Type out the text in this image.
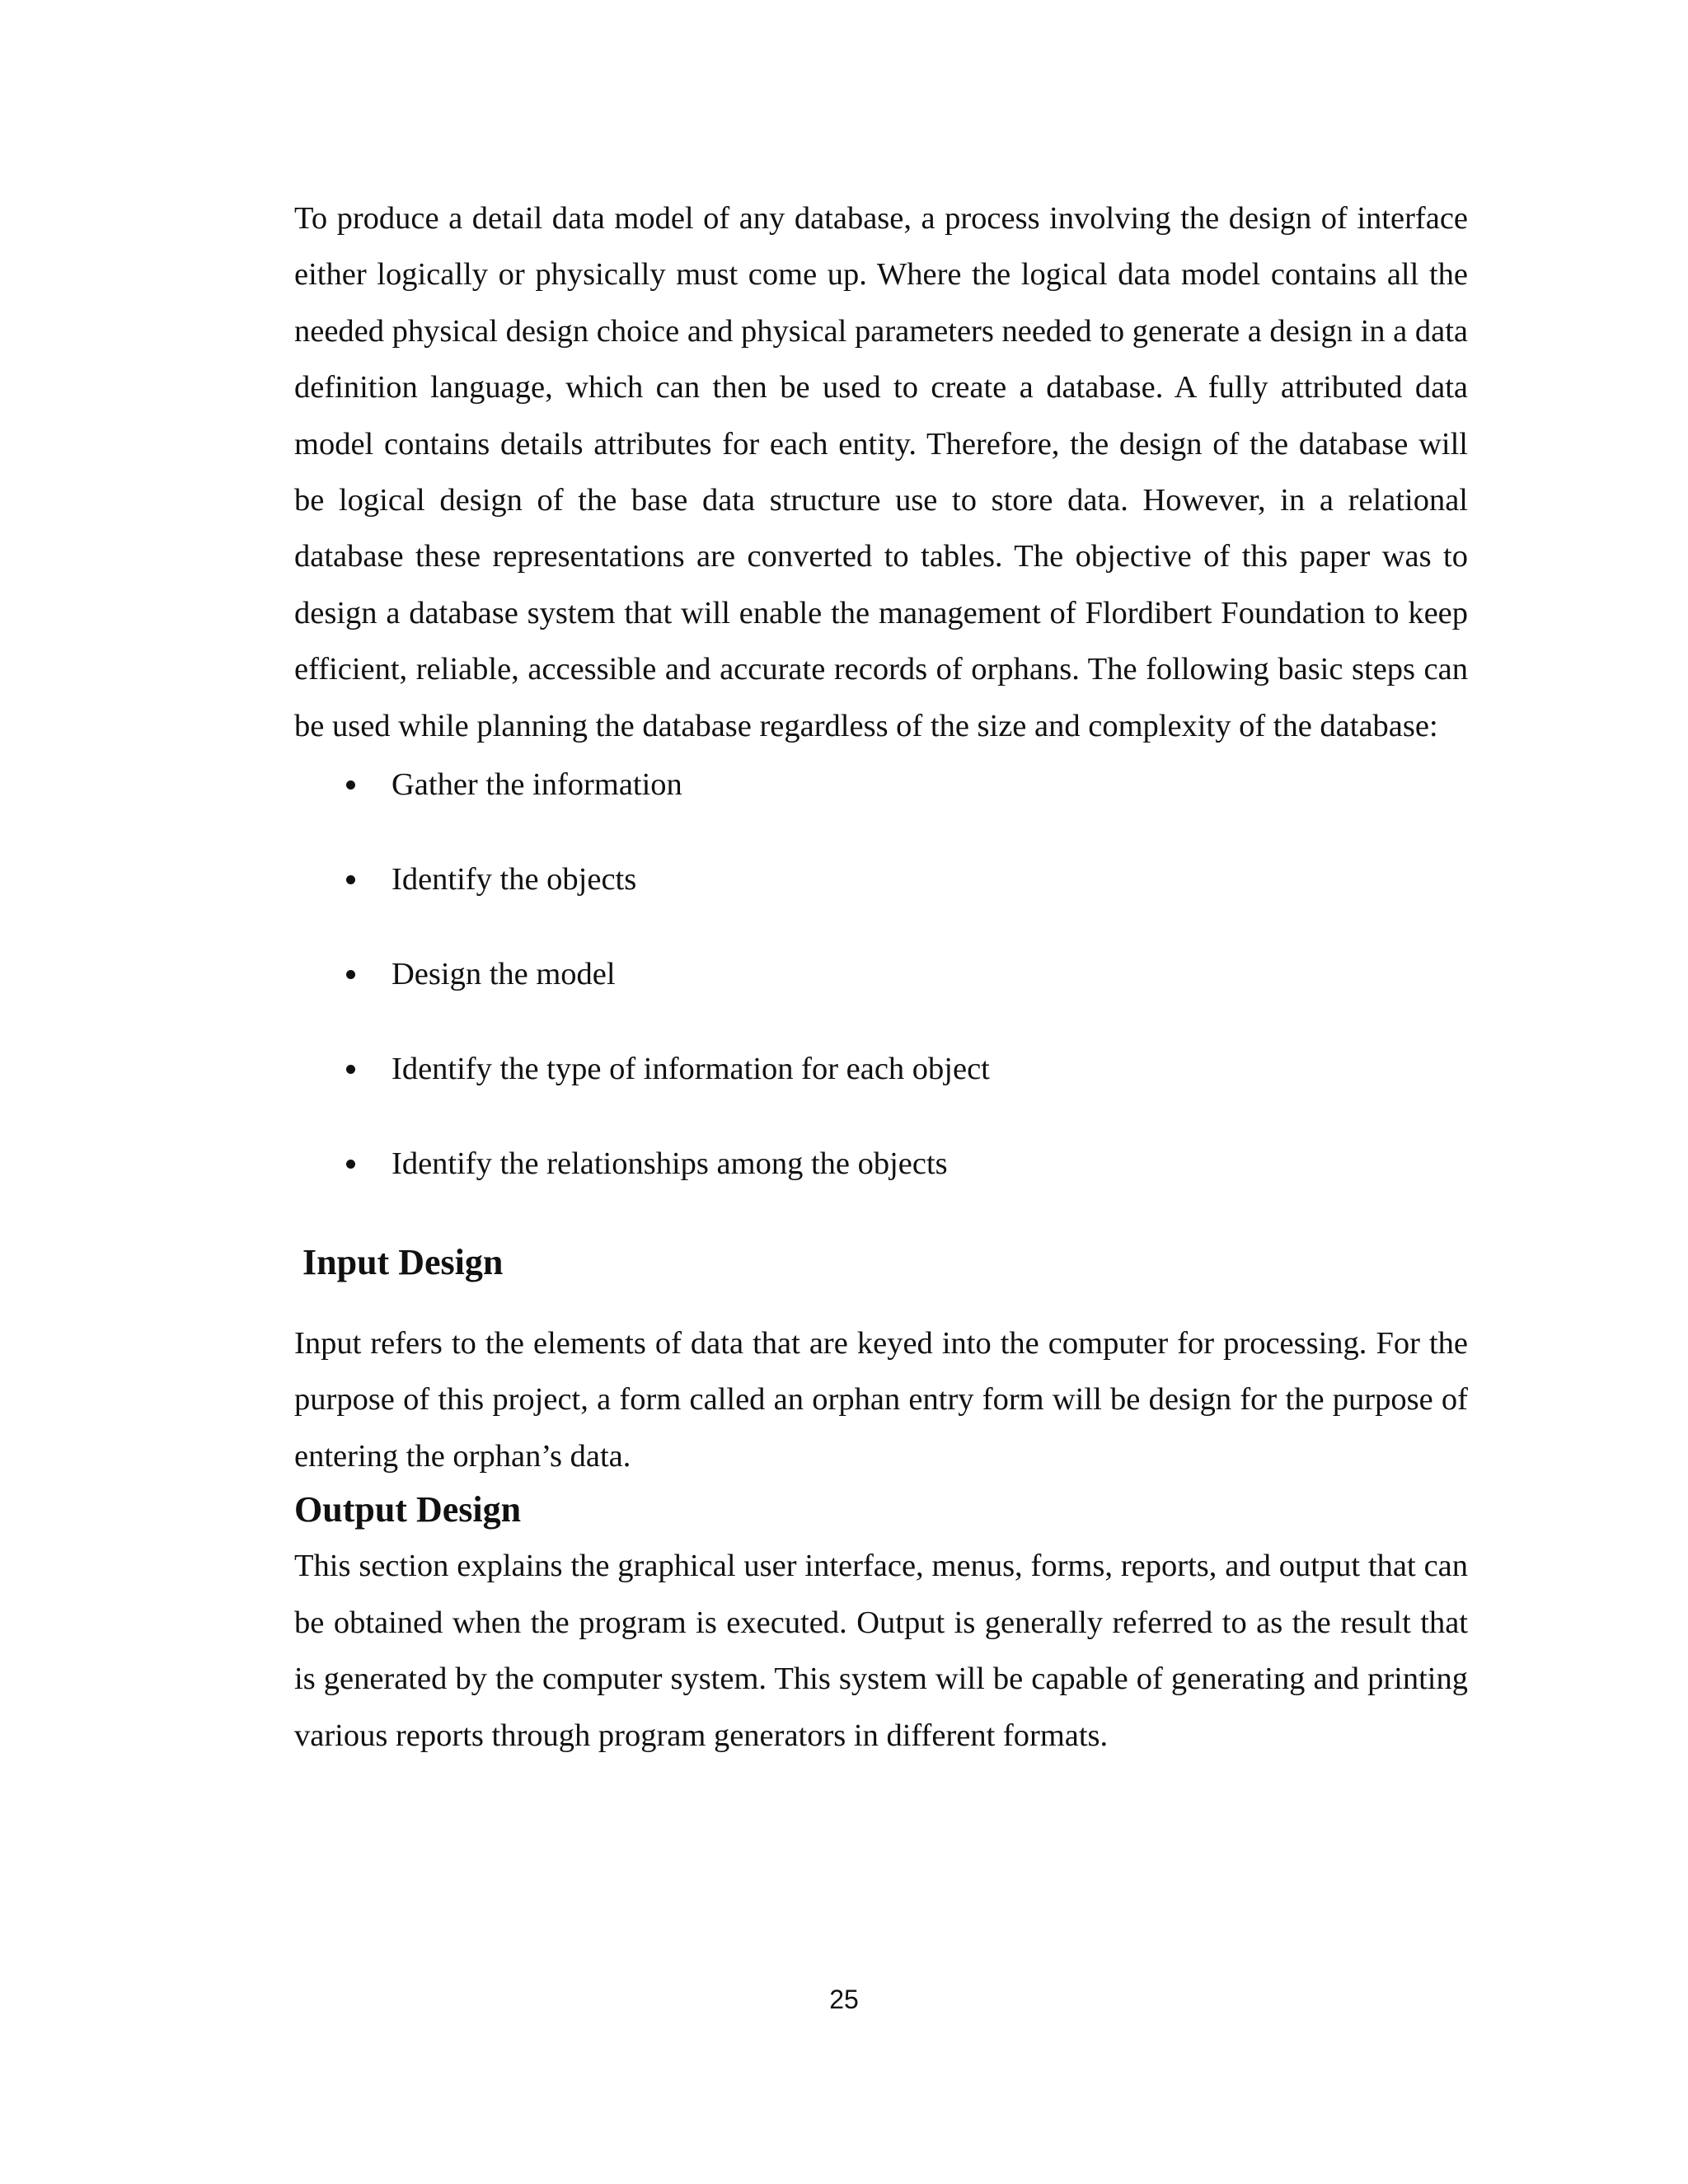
To produce a detail data model of any database, a process involving the design of interface either logically or physically must come up. Where the logical data model contains all the needed physical design choice and physical parameters needed to generate a design in a data definition language, which can then be used to create a database. A fully attributed data model contains details attributes for each entity. Therefore, the design of the database will be logical design of the base data structure use to store data. However, in a relational database these representations are converted to tables. The objective of this paper was to design a database system that will enable the management of Flordibert Foundation to keep efficient, reliable, accessible and accurate records of orphans. The following basic steps can be used while planning the database regardless of the size and complexity of the database:

Gather the information
Identify the objects
Design the model
Identify the type of information for each object
Identify the relationships among the objects
Input Design

Input refers to the elements of data that are keyed into the computer for processing. For the purpose of this project, a form called an orphan entry form will be design for the purpose of entering the orphan’s data.

Output Design

This section explains the graphical user interface, menus, forms, reports, and output that can be obtained when the program is executed. Output is generally referred to as the result that is generated by the computer system. This system will be capable of generating and printing various reports through program generators in different formats.

25
